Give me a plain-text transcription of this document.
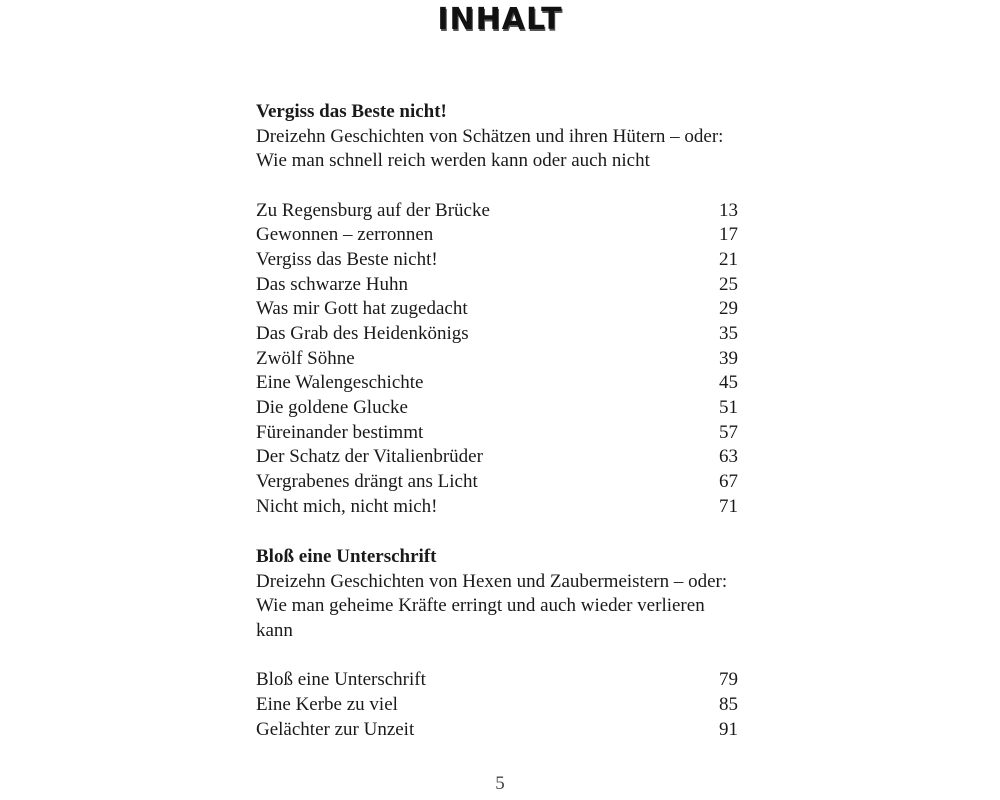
INHALT
Vergiss das Beste nicht!
Dreizehn Geschichten von Schätzen und ihren Hütern – oder:
Wie man schnell reich werden kann oder auch nicht
Zu Regensburg auf der Brücke	13
Gewonnen – zerronnen	17
Vergiss das Beste nicht!	21
Das schwarze Huhn	25
Was mir Gott hat zugedacht	29
Das Grab des Heidenkönigs	35
Zwölf Söhne	39
Eine Walengeschichte	45
Die goldene Glucke	51
Füreinander bestimmt	57
Der Schatz der Vitalienbrüder	63
Vergrabenes drängt ans Licht	67
Nicht mich, nicht mich!	71
Bloß eine Unterschrift
Dreizehn Geschichten von Hexen und Zaubermeistern – oder:
Wie man geheime Kräfte erringt und auch wieder verlieren kann
Bloß eine Unterschrift	79
Eine Kerbe zu viel	85
Gelächter zur Unzeit	91
5
